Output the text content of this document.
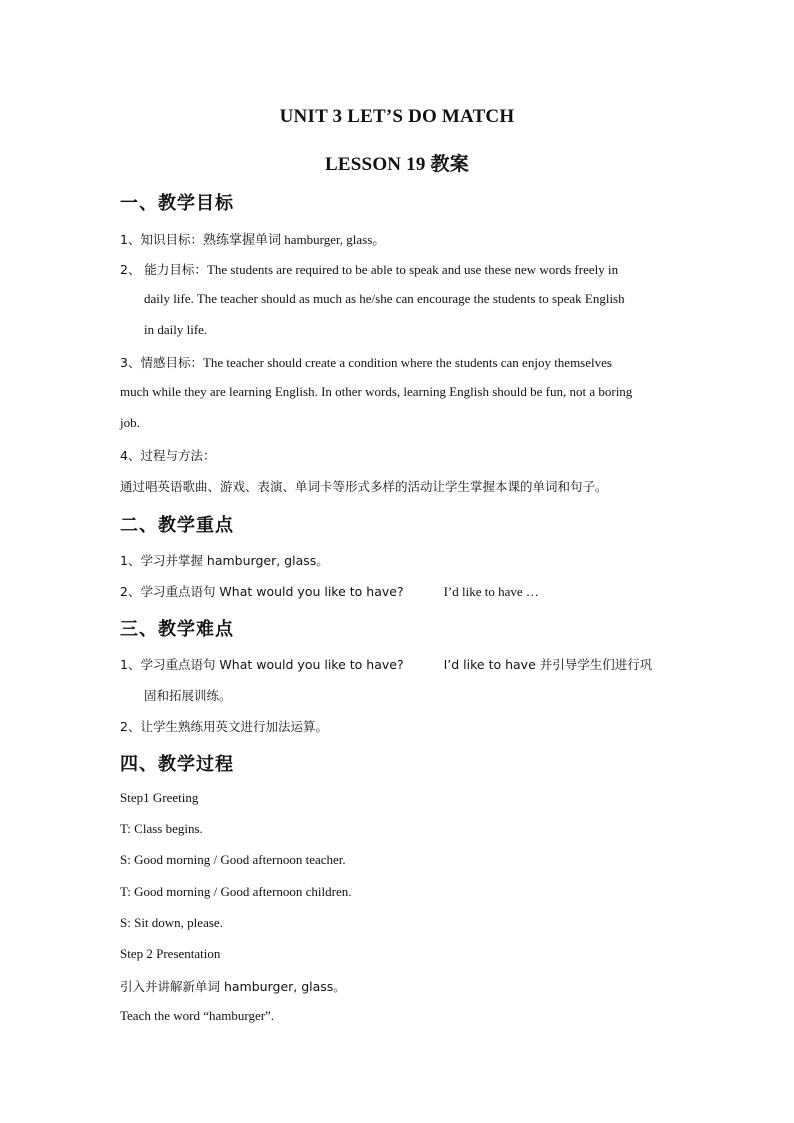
UNIT 3 LET’S DO MATCH
LESSON 19 教案
一、教学目标
1、知识目标：熟练掌握单词 hamburger, glass。
2、 能力目标：The students are required to be able to speak and use these new words freely in
daily life. The teacher should as much as he/she can encourage the students to speak English
in daily life.
3、情感目标：The teacher should create a condition where the students can enjoy themselves
much while they are learning English. In other words, learning English should be fun, not a boring
job.
4、过程与方法：
通过唱英语歌曲、游戏、表演、单词卡等形式多样的活动让学生掌握本课的单词和句子。
二、教学重点
1、学习并掌握 hamburger, glass。
2、学习重点语句 What would you like to have?	I’d like to have …
三、教学难点
1、学习重点语句 What would you like to have?	I’d like to have 并引导学生们进行巩
固和拓展训练。
2、让学生熟练用英文进行加法运算。
四、教学过程
Step1 Greeting
T: Class begins.
S: Good morning / Good afternoon teacher.
T: Good morning / Good afternoon children.
S: Sit down, please.
Step 2 Presentation
引入并讲解新单词 hamburger, glass。
Teach the word “hamburger”.
